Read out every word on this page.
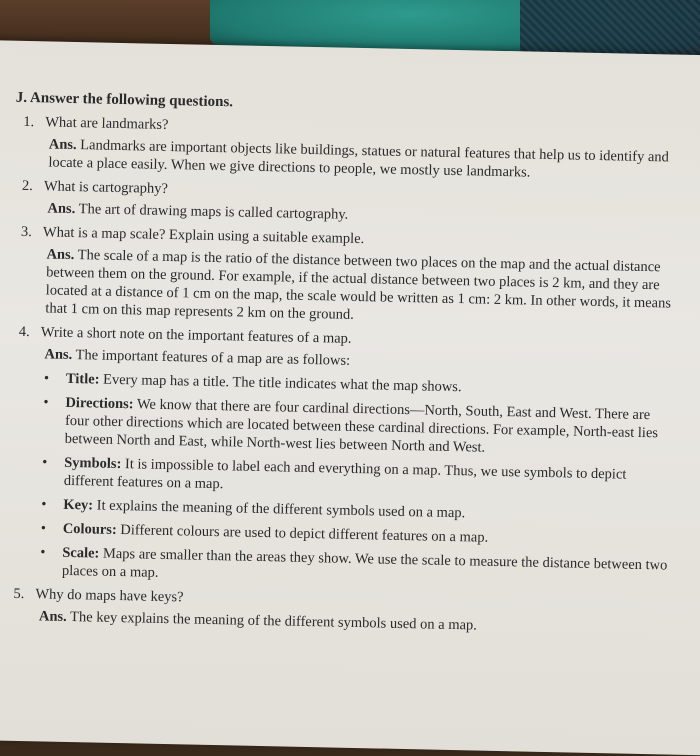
J. Answer the following questions.
1. What are landmarks?
Ans. Landmarks are important objects like buildings, statues or natural features that help us to identify and locate a place easily. When we give directions to people, we mostly use landmarks.
2. What is cartography?
Ans. The art of drawing maps is called cartography.
3. What is a map scale? Explain using a suitable example.
Ans. The scale of a map is the ratio of the distance between two places on the map and the actual distance between them on the ground. For example, if the actual distance between two places is 2 km, and they are located at a distance of 1 cm on the map, the scale would be written as 1 cm: 2 km. In other words, it means that 1 cm on this map represents 2 km on the ground.
4. Write a short note on the important features of a map.
Ans. The important features of a map are as follows:
• Title: Every map has a title. The title indicates what the map shows.
• Directions: We know that there are four cardinal directions—North, South, East and West. There are four other directions which are located between these cardinal directions. For example, North-east lies between North and East, while North-west lies between North and West.
• Symbols: It is impossible to label each and everything on a map. Thus, we use symbols to depict different features on a map.
• Key: It explains the meaning of the different symbols used on a map.
• Colours: Different colours are used to depict different features on a map.
• Scale: Maps are smaller than the areas they show. We use the scale to measure the distance between two places on a map.
5. Why do maps have keys?
Ans. The key explains the meaning of the different symbols used on a map.
